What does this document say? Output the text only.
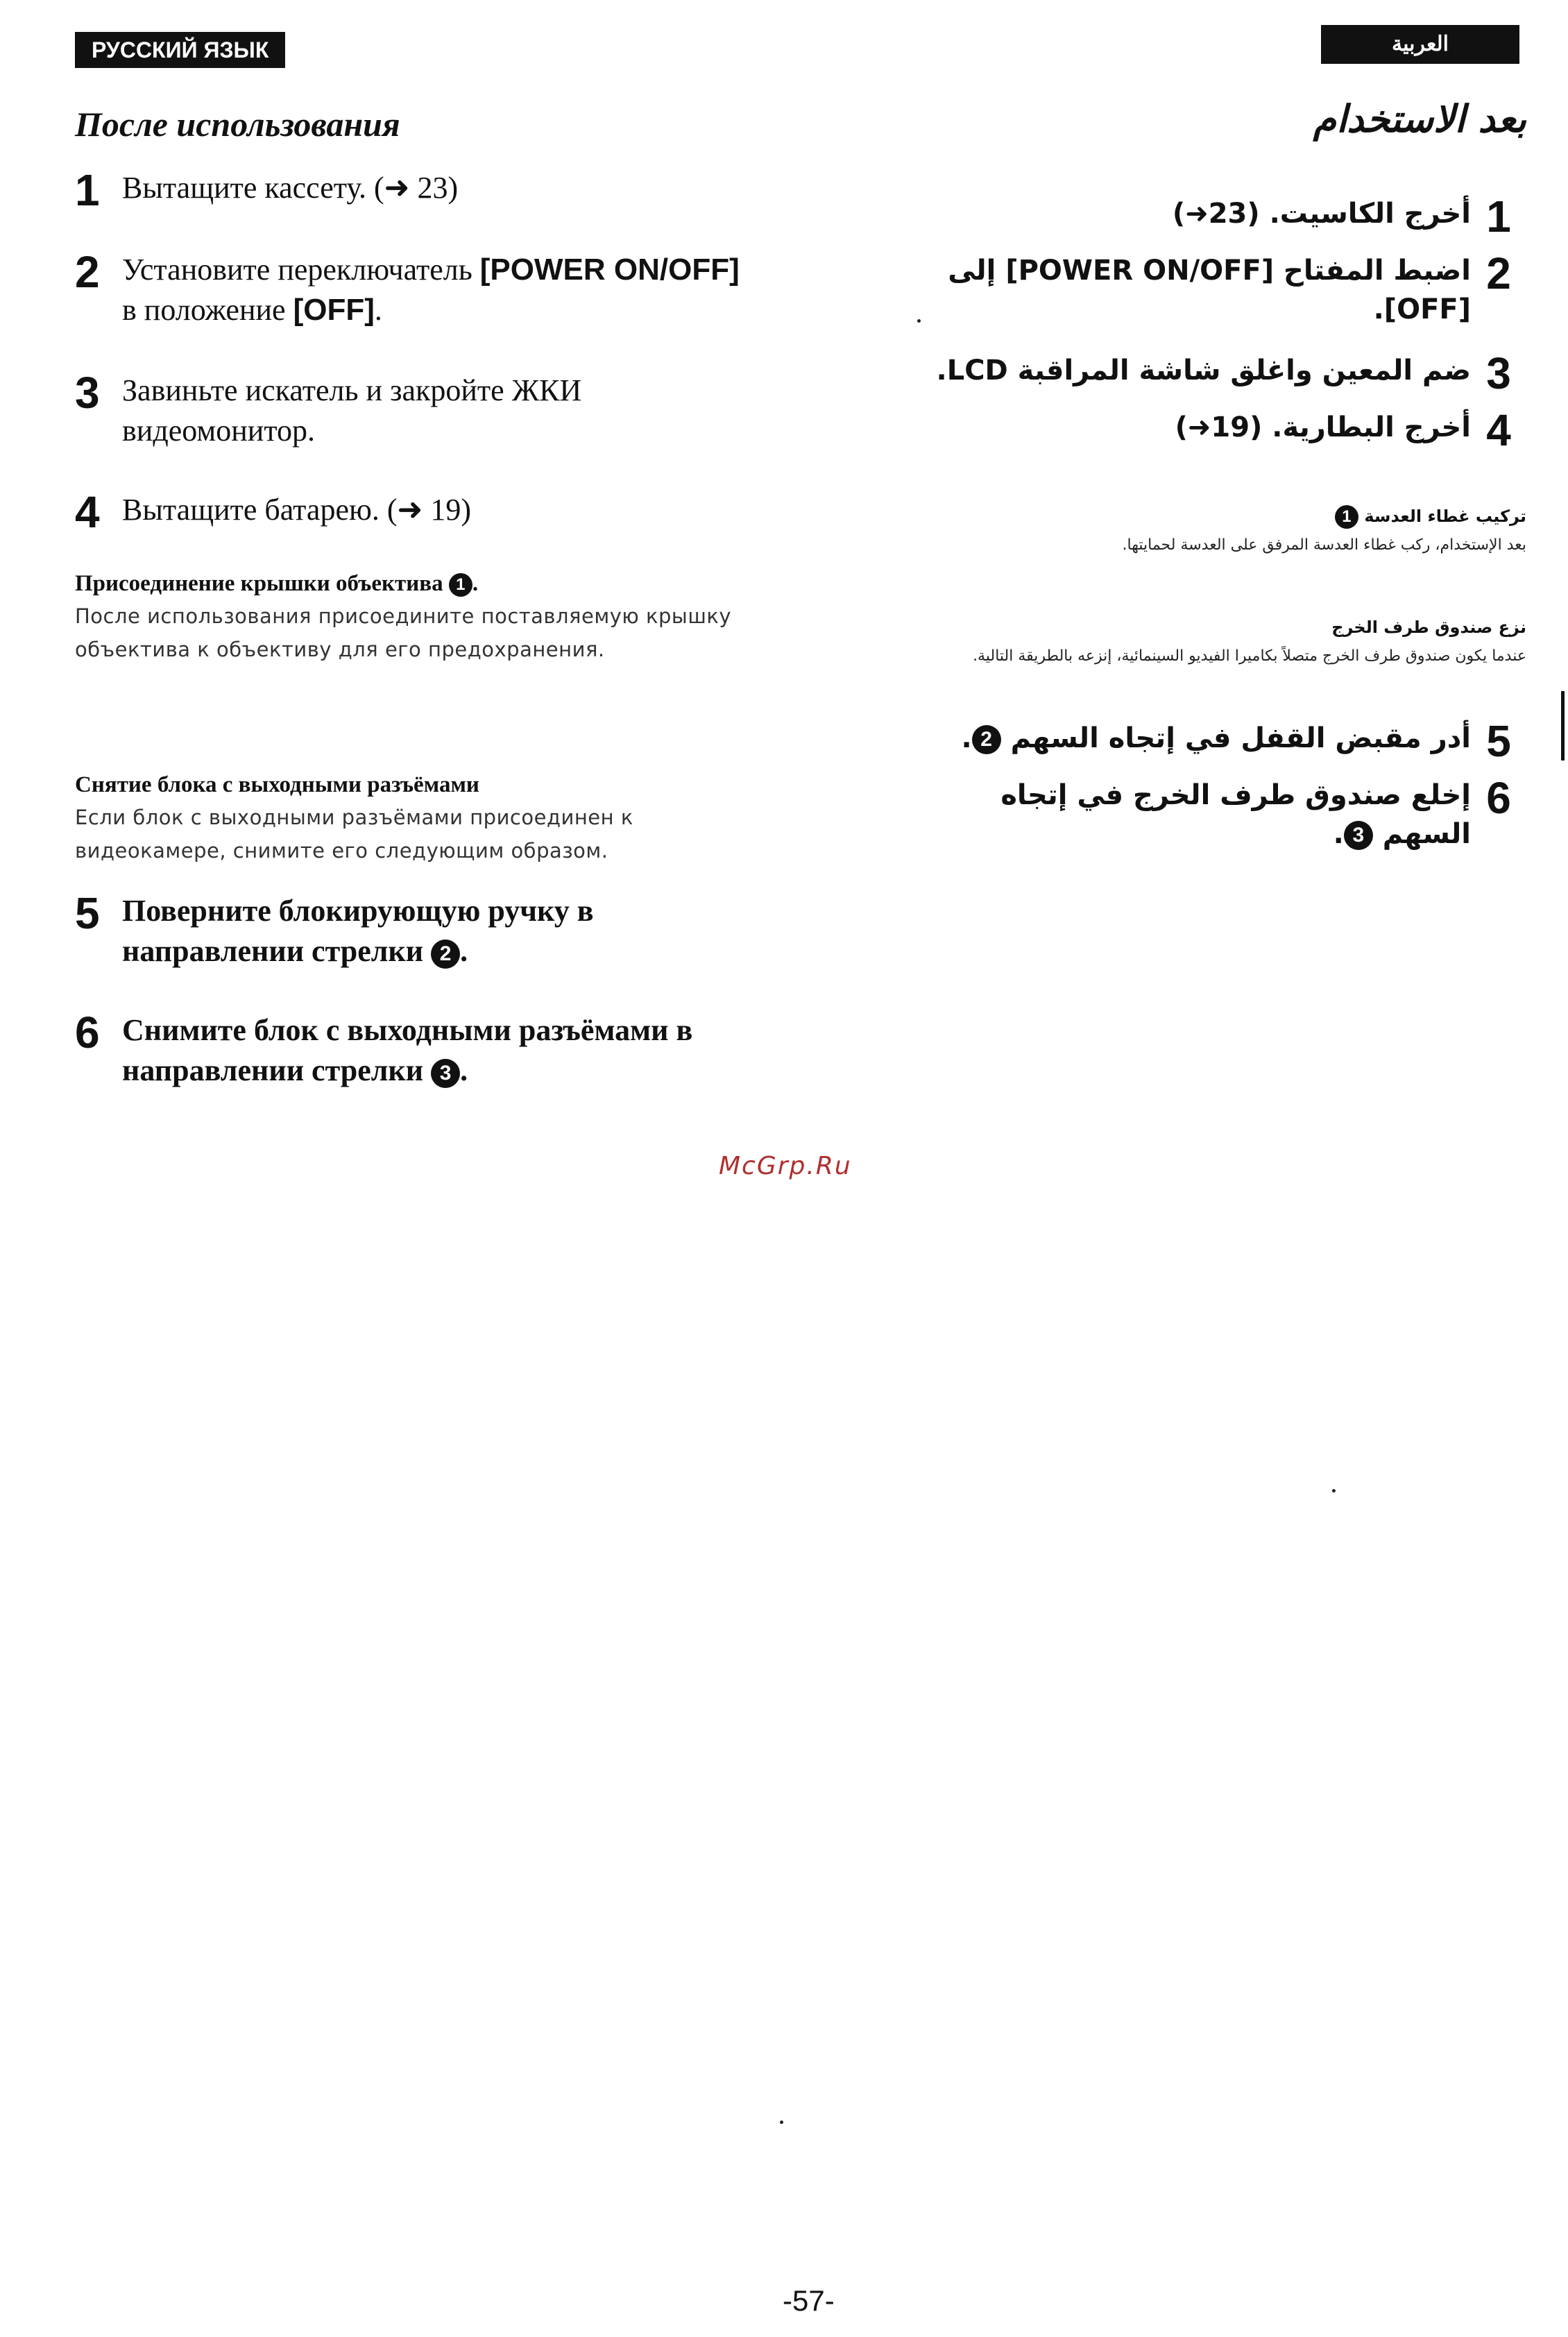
РУССКИЙ ЯЗЫК	العربية
После использования
1 Вытащите кассету. (➜ 23)
2 Установите переключатель [POWER ON/OFF] в положение [OFF].
3 Завиньте искатель и закройте ЖКИ видеомонитор.
4 Вытащите батарею. (➜ 19)
Присоединение крышки объектива 1 .
После использования присоедините поставляемую крышку объектива к объективу для его предохранения.
Снятие блока с выходными разъёмами
Если блок с выходными разъёмами присоединен к видеокамере, снимите его следующим образом.
5 Поверните блокирующую ручку в направлении стрелки 2 .
6 Снимите блок с выходными разъёмами в направлении стрелки 3 .
بعد الاستخدام
1
أخرج الكاسيت. (23➜)
2
اضبط المفتاح [POWER ON/OFF] إلى [OFF].
3
ضم المعين واغلق شاشة المراقبة LCD.
4
أخرج البطارية. (19➜)
تركيب غطاء العدسة 1
بعد الإستخدام، ركب غطاء العدسة المرفق على العدسة لحمايتها.
نزع صندوق طرف الخرج
عندما يكون صندوق طرف الخرج متصلاً بكاميرا الفيديو السينمائية، إنزعه بالطريقة التالية.
5
أدر مقبض القفل في إتجاه السهم 2.
6
إخلع صندوق طرف الخرج في إتجاه السهم 3.
McGrp.Ru
-57-
